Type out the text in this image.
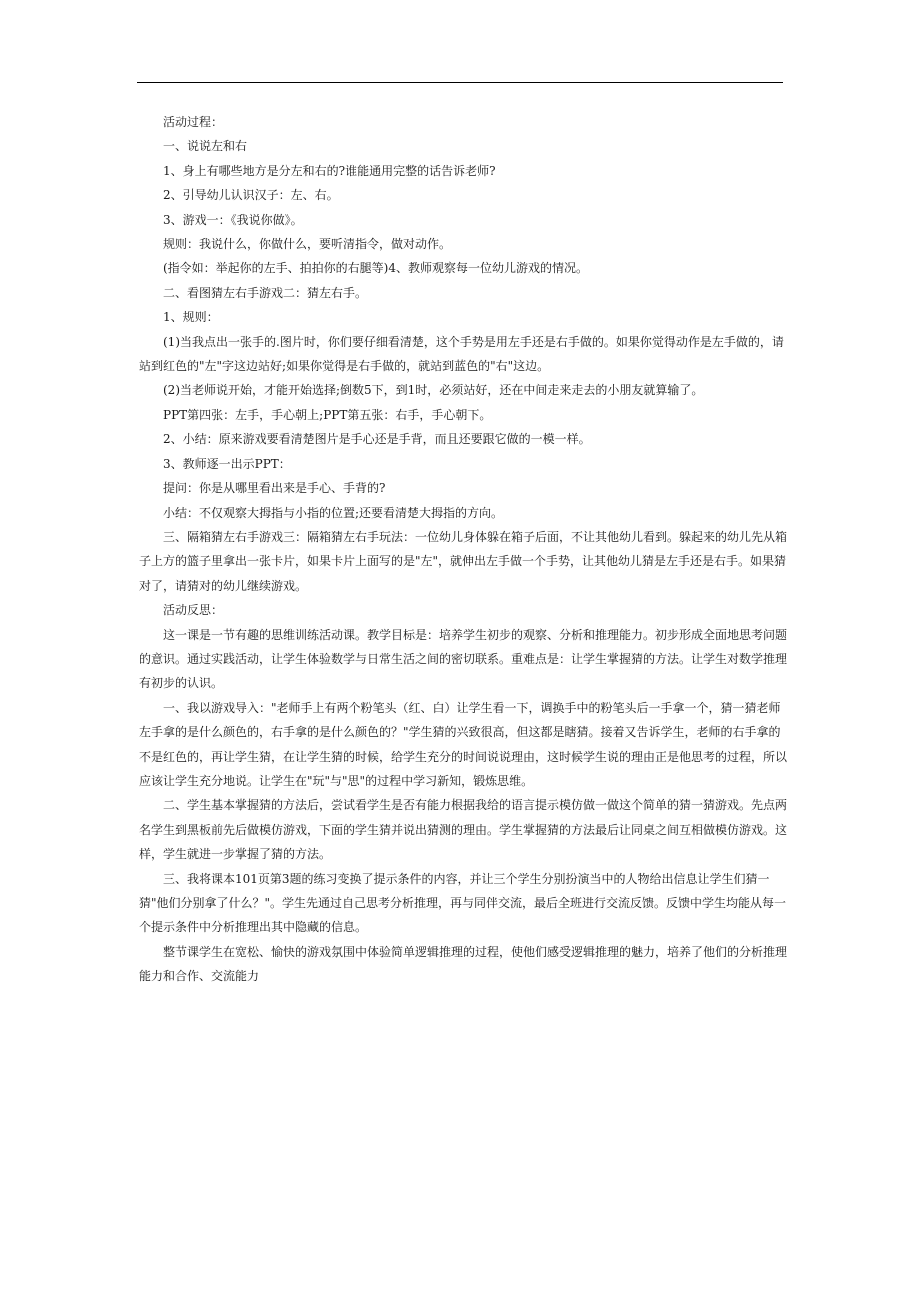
活动过程：

一、说说左和右

1、身上有哪些地方是分左和右的?谁能通用完整的话告诉老师?

2、引导幼儿认识汉子：左、右。

3、游戏一：《我说你做》。

规则：我说什么，你做什么，要听清指令，做对动作。

(指令如：举起你的左手、拍拍你的右腿等)4、教师观察每一位幼儿游戏的情况。

二、看图猜左右手游戏二：猜左右手。

1、规则：

(1)当我点出一张手的.图片时，你们要仔细看清楚，这个手势是用左手还是右手做的。如果你觉得动作是左手做的，请站到红色的"左"字这边站好;如果你觉得是右手做的，就站到蓝色的"右"这边。

(2)当老师说开始，才能开始选择;倒数5下，到1时，必须站好，还在中间走来走去的小朋友就算输了。

PPT第四张：左手，手心朝上;PPT第五张：右手，手心朝下。

2、小结：原来游戏要看清楚图片是手心还是手背，而且还要跟它做的一模一样。

3、教师逐一出示PPT：

提问：你是从哪里看出来是手心、手背的?

小结：不仅观察大拇指与小指的位置;还要看清楚大拇指的方向。

三、隔箱猜左右手游戏三：隔箱猜左右手玩法：一位幼儿身体躲在箱子后面，不让其他幼儿看到。躲起来的幼儿先从箱子上方的篮子里拿出一张卡片，如果卡片上面写的是"左"，就伸出左手做一个手势，让其他幼儿猜是左手还是右手。如果猜对了，请猜对的幼儿继续游戏。

活动反思：

这一课是一节有趣的思维训练活动课。教学目标是：培养学生初步的观察、分析和推理能力。初步形成全面地思考问题的意识。通过实践活动，让学生体验数学与日常生活之间的密切联系。重难点是：让学生掌握猜的方法。让学生对数学推理有初步的认识。

一、我以游戏导入："老师手上有两个粉笔头（红、白）让学生看一下，调换手中的粉笔头后一手拿一个，猜一猜老师左手拿的是什么颜色的，右手拿的是什么颜色的？"学生猜的兴致很高，但这都是瞎猜。接着又告诉学生，老师的右手拿的不是红色的，再让学生猜，在让学生猜的时候，给学生充分的时间说说理由，这时候学生说的理由正是他思考的过程，所以应该让学生充分地说。让学生在"玩"与"思"的过程中学习新知，锻炼思维。

二、学生基本掌握猜的方法后，尝试看学生是否有能力根据我给的语言提示模仿做一做这个简单的猜一猜游戏。先点两名学生到黑板前先后做模仿游戏，下面的学生猜并说出猜测的理由。学生掌握猜的方法最后让同桌之间互相做模仿游戏。这样，学生就进一步掌握了猜的方法。

三、我将课本101页第3题的练习变换了提示条件的内容，并让三个学生分别扮演当中的人物给出信息让学生们猜一猜"他们分别拿了什么？"。学生先通过自己思考分析推理，再与同伴交流，最后全班进行交流反馈。反馈中学生均能从每一个提示条件中分析推理出其中隐藏的信息。

整节课学生在宽松、愉快的游戏氛围中体验简单逻辑推理的过程，使他们感受逻辑推理的魅力，培养了他们的分析推理能力和合作、交流能力
